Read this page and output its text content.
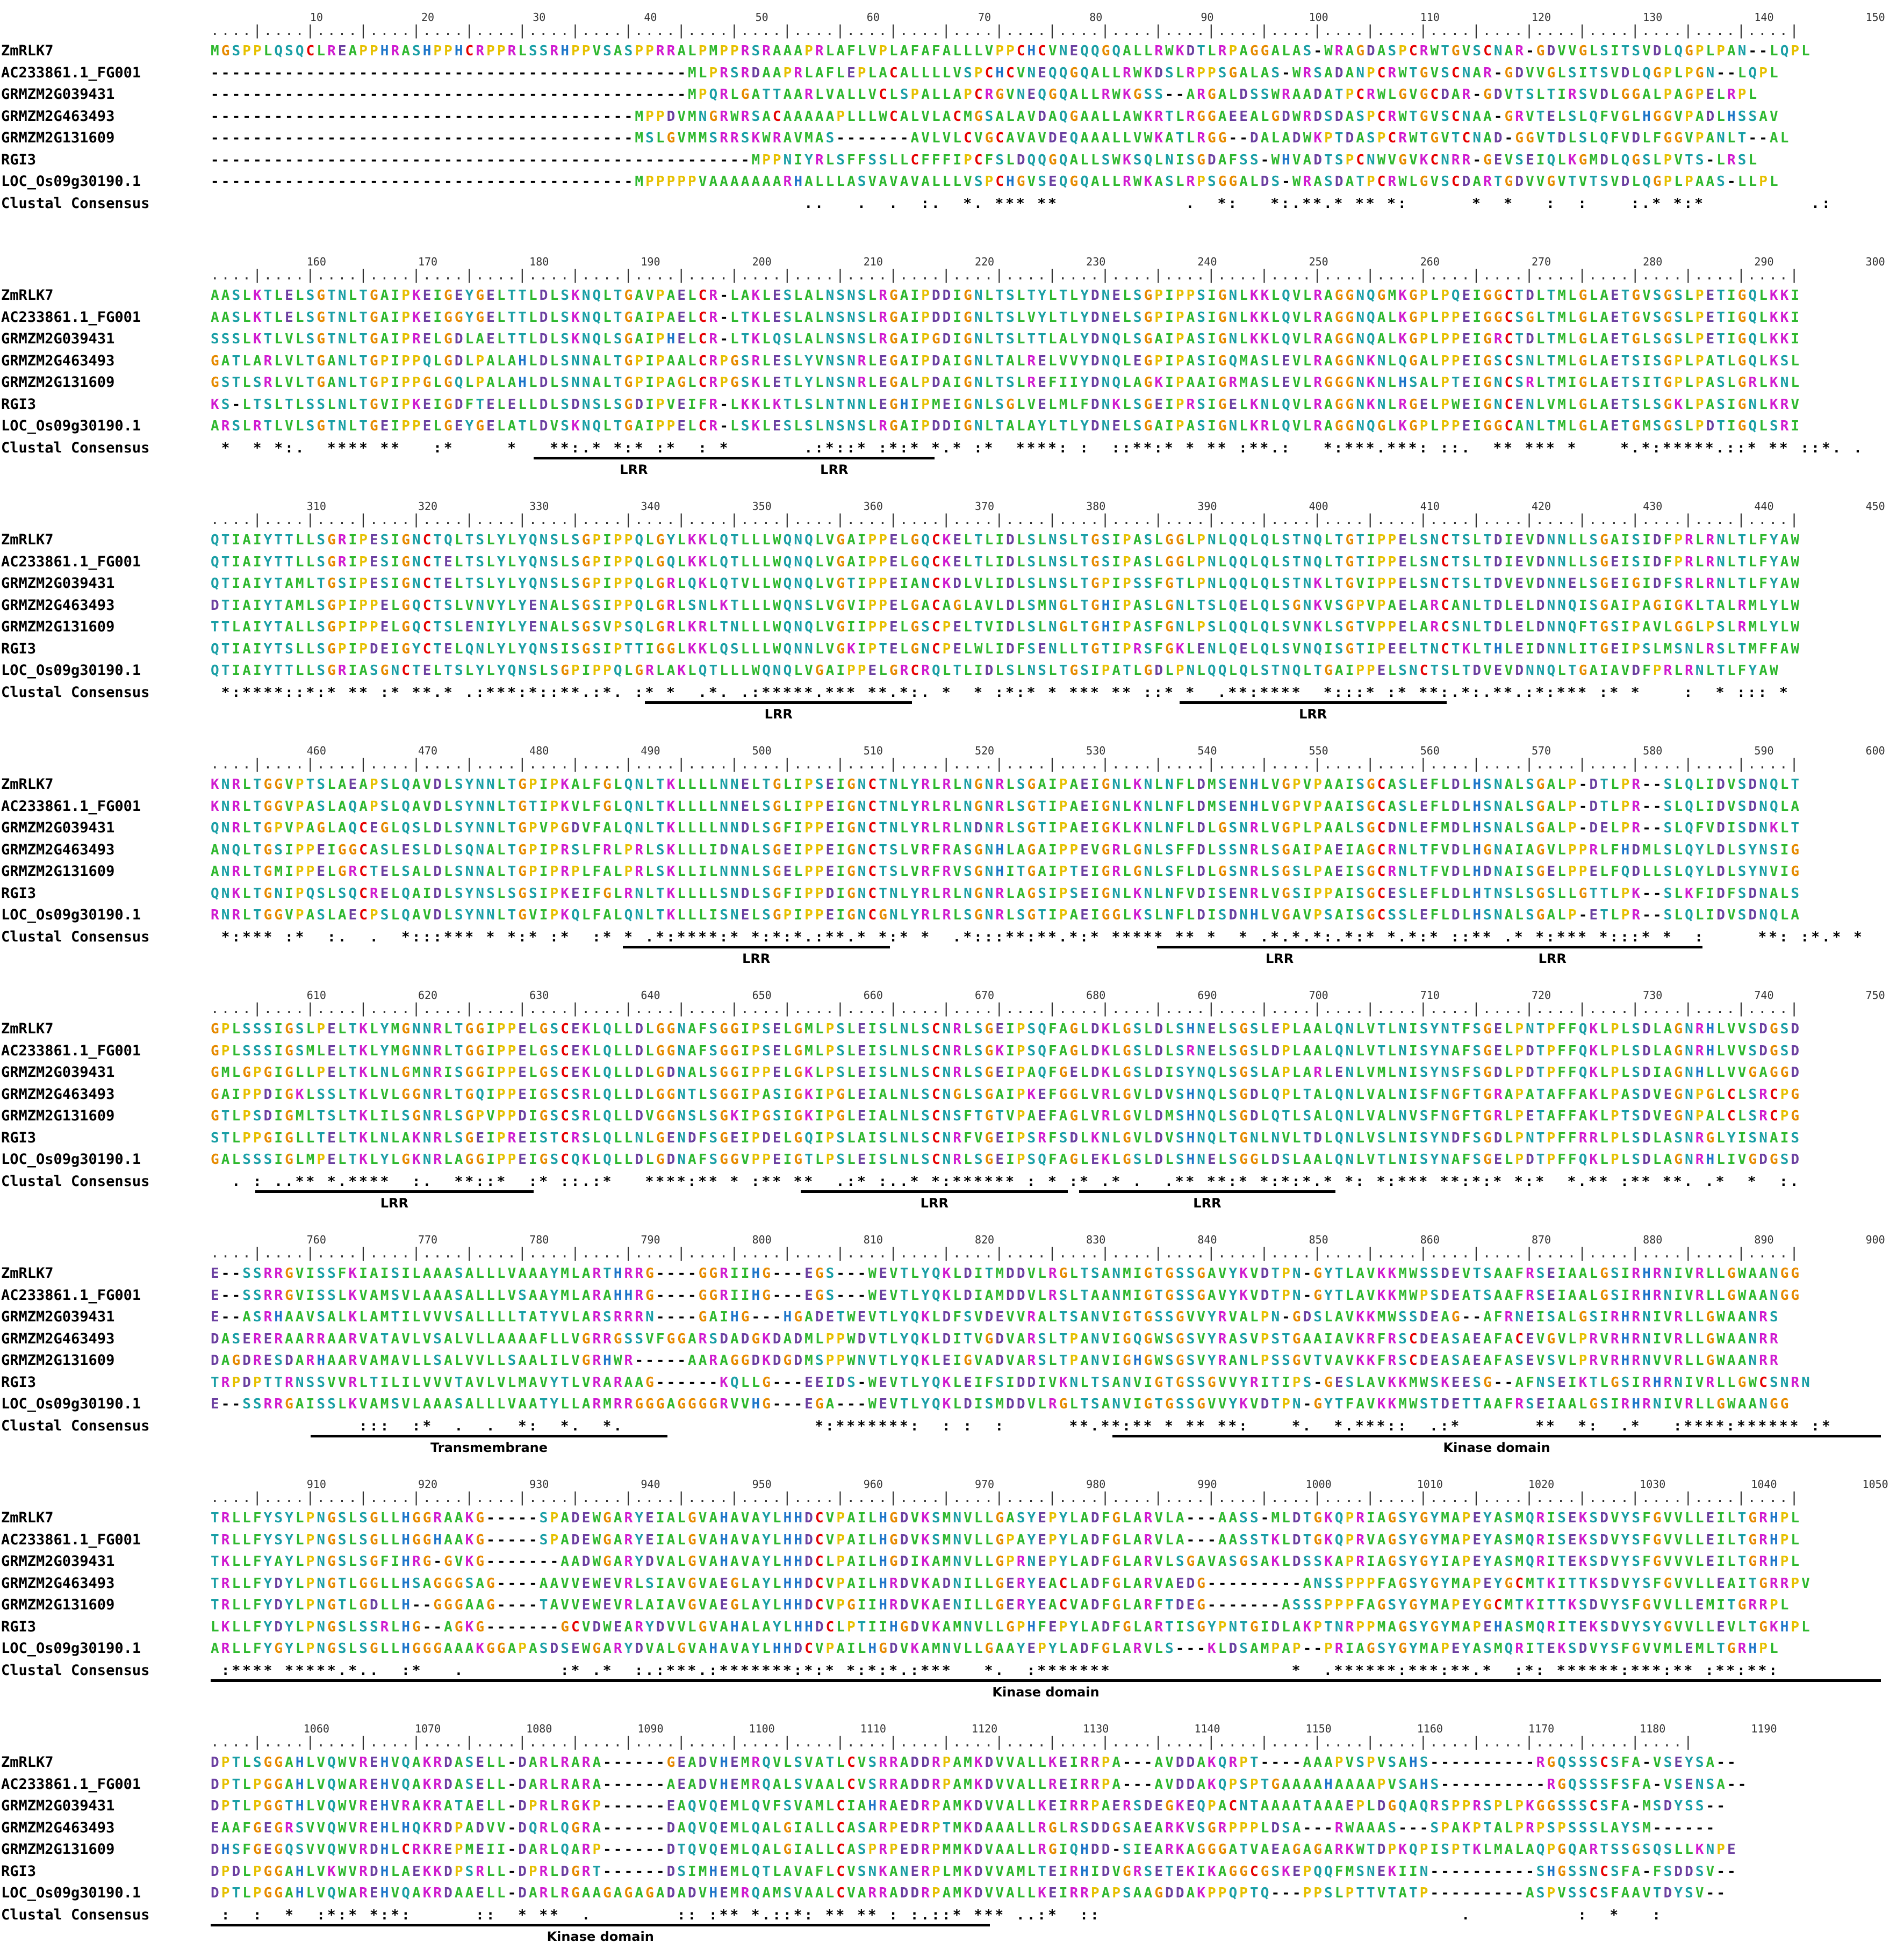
10	20	30	40	50	60	70	80	90	100	110	120	130	140	150
....|....|....|....|....|....|....|....|....|....|....|....|....|....|....|....|....|....|....|....|....|....|....|....|....|....|....|....|....|....|
ZmRLK7	MGSPPLQSQCLREAPPHRASHPPHCRPPRLSSRHPPVSASPPRRALPMPPRSRAAAPRLAFLVPLAFAFALLLVPPCHCVNEQQGQALLRWKDTLRPAGGALAS-WRAGDASPCRWTGVSCNAR-GDVVGLSITSVDLQGPLPAN--LQPL
AC233861.1_FG001	---------------------------------------------MLPRSRDAAPRLAFLEPLACALLLLVSPCHCVNEQQGQALLRWKDSLRPPSGALAS-WRSADANPCRWTGVSCNAR-GDVVGLSITSVDLQGPLPGN--LQPL
GRMZM2G039431	---------------------------------------------MPQRLGATTAARLVALLVCLSPALLAPCRGVNEQGQALLRWKGSS--ARGALDSSWRAADATPCRWLGVGCDAR-GDVTSLTIRSVDLGGALPAGPELRPL
GRMZM2G463493	----------------------------------------MPPDVMNGRWRSACAAAAAPLLLWCALVLACMGSALAVDAQGAALLAWKRTLRGGAEEALGDWRDSDASPCRWTGVSCNAA-GRVTELSLQFVGLHGGVPADLHSSAV
GRMZM2G131609	----------------------------------------MSLGVMMSRRSKWRAVMAS-------AVLVLCVGCAVAVDEQAAALLVWKATLRGG--DALADWKPTDASPCRWTGVTCNAD-GGVTDLSLQFVDLFGGVPANLT--AL
RGI3	---------------------------------------------------MPPNIYRLSFFSSLLCFFFIPCFSLDQQGQALLSWKSQLNISGDAFSS-WHVADTSPCNWVGVKCNRR-GEVSEIQLKGMDLQGSLPVTS-LRSL
LOC_Os09g30190.1	----------------------------------------MPPPPPVAAAAAAARHALLLASVAVAVALLLVSPCHGVSEQGQALLRWKASLRPSGGALDS-WRASDATPCRWLGVSCDARTGDVVGVTVTSVDLQGPLPAAS-LLPL
Clustal Consensus	..   .  .  :.  *. *** **            .  *:   *:.**.* ** *:      *  *   :  :    :.* *:*          .:
160	170	180	190	200	210	220	230	240	250	260	270	280	290	300
....|....|....|....|....|....|....|....|....|....|....|....|....|....|....|....|....|....|....|....|....|....|....|....|....|....|....|....|....|....|
ZmRLK7	AASLKTLELSGTNLTGAIPKEIGEYGELTTLDLSKNQLTGAVPAELCR-LAKLESLALNSNSLRGAIPDDIGNLTSLTYLTLYDNELSGPIPPSIGNLKKLQVLRAGGNQGMKGPLPQEIGGCTDLTMLGLAETGVSGSLPETIGQLKKI
AC233861.1_FG001	AASLKTLELSGTNLTGAIPKEIGGYGELTTLDLSKNQLTGAIPAELCR-LTKLESLALNSNSLRGAIPDDIGNLTSLVYLTLYDNELSGPIPASIGNLKKLQVLRAGGNQALKGPLPPEIGGCSGLTMLGLAETGVSGSLPETIGQLKKI
GRMZM2G039431	SSSLKTLVLSGTNLTGAIPRELGDLAELTTLDLSKNQLSGAIPHELCR-LTKLQSLALNSNSLRGAIPGDIGNLTSLTTLALYDNQLSGAIPASIGNLKKLQVLRAGGNQALKGPLPPEIGRCTDLTMLGLAETGLSGSLPETIGQLKKI
GRMZM2G463493	GATLARLVLTGANLTGPIPPQLGDLPALAHLDLSNNALTGPIPAALCRPGSRLESLYVNSNRLEGAIPDAIGNLTALRELVVYDNQLEGPIPASIGQMASLEVLRAGGNKNLQGALPPEIGSCSNLTMLGLAETSISGPLPATLGQLKSL
GRMZM2G131609	GSTLSRLVLTGANLTGPIPPGLGQLPALAHLDLSNNALTGPIPAGLCRPGSKLETLYLNSNRLEGALPDAIGNLTSLREFIIYDNQLAGKIPAAIGRMASLEVLRGGGNKNLHSALPTEIGNCSRLTMIGLAETSITGPLPASLGRLKNL
RGI3	KS-LTSLTLSSLNLTGVIPKEIGDFTELELLDLSDNSLSGDIPVEIFR-LKKLKTLSLNTNNLEGHIPMEIGNLSGLVELMLFDNKLSGEIPRSIGELKNLQVLRAGGNKNLRGELPWEIGNCENLVMLGLAETSLSGKLPASIGNLKRV
LOC_Os09g30190.1	ARSLRTLVLSGTNLTGEIPPELGEYGELATLDVSKNQLTGAIPPELCR-LSKLESLSLNSNSLRGAIPDDIGNLTALAYLTLYDNELSGAIPASIGNLKRLQVLRAGGNQGLKGPLPPEIGGCANLTMLGLAETGMSGSLPDTIGQLSRI
Clustal Consensus	*  * *:.  **** **   :*     *   **:.* *:* :*  : *       .:*::* :*:* *.* :*  ****: :  ::**:* * ** :**.:   *:***.***: ::.  ** *** *    *.*:*****.::* ** ::*. .
LRR	LRR
310	320	330	340	350	360	370	380	390	400	410	420	430	440	450
....|....|....|....|....|....|....|....|....|....|....|....|....|....|....|....|....|....|....|....|....|....|....|....|....|....|....|....|....|....|
ZmRLK7	QTIAIYTTLLSGRIPESIGNCTQLTSLYLYQNSLSGPIPPQLGYLKKLQTLLLWQNQLVGAIPPELGQCKELTLIDLSLNSLTGSIPASLGGLPNLQQLQLSTNQLTGTIPPELSNCTSLTDIEVDNNLLSGAISIDFPRLRNLTLFYAW
AC233861.1_FG001	QTIAIYTTLLSGRIPESIGNCTELTSLYLYQNSLSGPIPPQLGQLKKLQTLLLWQNQLVGAIPPELGQCKELTLIDLSLNSLTGSIPASLGGLPNLQQLQLSTNQLTGTIPPELSNCTSLTDIEVDNNLLSGEISIDFPRLRNLTLFYAW
GRMZM2G039431	QTIAIYTAMLTGSIPESIGNCTELTSLYLYQNSLSGPIPPQLGRLQKLQTVLLWQNQLVGTIPPEIANCKDLVLIDLSLNSLTGPIPSSFGTLPNLQQLQLSTNKLTGVIPPELSNCTSLTDVEVDNNELSGEIGIDFSRLRNLTLFYAW
GRMZM2G463493	DTIAIYTAMLSGPIPPELGQCTSLVNVYLYENALSGSIPPQLGRLSNLKTLLLWQNSLVGVIPPELGACAGLAVLDLSMNGLTGHIPASLGNLTSLQELQLSGNKVSGPVPAELARCANLTDLELDNNQISGAIPAGIGKLTALRMLYLW
GRMZM2G131609	TTLAIYTALLSGPIPPELGQCTSLENIYLYENALSGSVPSQLGRLKRLTNLLLWQNQLVGIIPPELGSCPELTVIDLSLNGLTGHIPASFGNLPSLQQLQLSVNKLSGTVPPELARCSNLTDLELDNNQFTGSIPAVLGGLPSLRMLYLW
RGI3	QTIAIYTSLLSGPIPDEIGYCTELQNLYLYQNSISGSIPTTIGGLKKLQSLLLWQNNLVGKIPTELGNCPELWLIDFSENLLTGTIPRSFGKLENLQELQLSVNQISGTIPEELTNCTKLTHLEIDNNLITGEIPSLMSNLRSLTMFFAW
LOC_Os09g30190.1	QTIAIYTTLLSGRIASGNCTELTSLYLYQNSLSGPIPPQLGRLAKLQTLLLWQNQLVGAIPPELGRCRQLTLIDLSLNSLTGSIPATLGDLPNLQQLQLSTNQLTGAIPPELSNCTSLTDVEVDNNQLTGAIAVDFPRLRNLTLFYAW
Clustal Consensus	*:****::*:* ** :* **.* .:***:*::**.:*. :* *  .*. .:*****.*** **.*:. *  * :*:* * *** ** ::* *  .**:****  *:::* :* **:.*:.**.:*:*** :* *    :  * ::: *
LRR	LRR
460	470	480	490	500	510	520	530	540	550	560	570	580	590	600
....|....|....|....|....|....|....|....|....|....|....|....|....|....|....|....|....|....|....|....|....|....|....|....|....|....|....|....|....|....|
ZmRLK7	KNRLTGGVPTSLAEAPSLQAVDLSYNNLTGPIPKALFGLQNLTKLLLLNNELTGLIPSEIGNCTNLYRLRLNGNRLSGAIPAEIGNLKNLNFLDMSENHLVGPVPAAISGCASLEFLDLHSNALSGALP-DTLPR--SLQLIDVSDNQLT
AC233861.1_FG001	KNRLTGGVPASLAQAPSLQAVDLSYNNLTGTIPKVLFGLQNLTKLLLLNNELSGLIPPEIGNCTNLYRLRLNGNRLSGTIPAEIGNLKNLNFLDMSENHLVGPVPAAISGCASLEFLDLHSNALSGALP-DTLPR--SLQLIDVSDNQLA
GRMZM2G039431	QNRLTGPVPAGLAQCEGLQSLDLSYNNLTGPVPGDVFALQNLTKLLLLNNDLSGFIPPEIGNCTNLYRLRLNDNRLSGTIPAEIGKLKNLNFLDLGSNRLVGPLPAALSGCDNLEFMDLHSNALSGALP-DELPR--SLQFVDISDNKLT
GRMZM2G463493	ANQLTGSIPPEIGGCASLESLDLSQNALTGPIPRSLFRLPRLSKLLLIDNALSGEIPPEIGNCTSLVRFRASGNHLAGAIPPEVGRLGNLSFFDLSSNRLSGAIPAEIAGCRNLTFVDLHGNAIAGVLPPRLFHDMLSLQYLDLSYNSIG
GRMZM2G131609	ANRLTGMIPPELGRCTELSALDLSNNALTGPIPRPLFALPRLSKLLILNNNLSGELPPEIGNCTSLVRFRVSGNHITGAIPTEIGRLGNLSFLDLGSNRLSGSLPAEISGCRNLTFVDLHDNAISGELPPELFQDLLSLQYLDLSYNVIG
RGI3	QNKLTGNIPQSLSQCRELQAIDLSYNSLSGSIPKEIFGLRNLTKLLLLSNDLSGFIPPDIGNCTNLYRLRLNGNRLAGSIPSEIGNLKNLNFVDISENRLVGSIPPAISGCESLEFLDLHTNSLSGSLLGTTLPK--SLKFIDFSDNALS
LOC_Os09g30190.1	RNRLTGGVPASLAECPSLQAVDLSYNNLTGVIPKQLFALQNLTKLLLISNELSGPIPPEIGNCGNLYRLRLSGNRLSGTIPAEIGGLKSLNFLDISDNHLVGAVPSAISGCSSLEFLDLHSNALSGALP-ETLPR--SLQLIDVSDNQLA
Clustal Consensus	*:*** :*  :.  .  *:::*** * *:* :*  :* * .*:****:* *:*:*.:**.* *:* *  .*:::**:**.*:* ***** ** *  * .*.*.*:.*:* *.*:* ::** .* *:*** *:::* *  :     **: :*.* *
LRR	LRR	LRR
610	620	630	640	650	660	670	680	690	700	710	720	730	740	750
....|....|....|....|....|....|....|....|....|....|....|....|....|....|....|....|....|....|....|....|....|....|....|....|....|....|....|....|....|....|
ZmRLK7	GPLSSSIGSLPELTKLYMGNNRLTGGIPPELGSCEKLQLLDLGGNAFSGGIPSELGMLPSLEISLNLSCNRLSGEIPSQFAGLDKLGSLDLSHNELSGSLEPLAALQNLVTLNISYNTFSGELPNTPFFQKLPLSDLAGNRHLVVSDGSD
AC233861.1_FG001	GPLSSSIGSMLELTKLYMGNNRLTGGIPPELGSCEKLQLLDLGGNAFSGGIPSELGMLPSLEISLNLSCNRLSGKIPSQFAGLDKLGSLDLSRNELSGSLDPLAALQNLVTLNISYNAFSGELPDTPFFQKLPLSDLAGNRHLVVSDGSD
GRMZM2G039431	GMLGPGIGLLPELTKLNLGMNRISGGIPPELGSCEKLQLLDLGDNALSGGIPPELGKLPSLEISLNLSCNRLSGEIPAQFGELDKLGSLDISYNQLSGSLAPLARLENLVMLNISYNSFSGDLPDTPFFQKLPLSDIAGNHLLVVGAGGD
GRMZM2G463493	GAIPPDIGKLSSLTKLVLGGNRLTGQIPPEIGSCSRLQLLDLGGNTLSGGIPASIGKIPGLEIALNLSCNGLSGAIPKEFGGLVRLGVLDVSHNQLSGDLQPLTALQNLVALNISFNGFTGRAPATAFFAKLPASDVEGNPGLCLSRCPG
GRMZM2G131609	GTLPSDIGMLTSLTKLILSGNRLSGPVPPDIGSCSRLQLLDVGGNSLSGKIPGSIGKIPGLEIALNLSCNSFTGTVPAEFAGLVRLGVLDMSHNQLSGDLQTLSALQNLVALNVSFNGFTGRLPETAFFAKLPTSDVEGNPALCLSRCPG
RGI3	STLPPGIGLLTELTKLNLAKNRLSGEIPREISTCRSLQLLNLGENDFSGEIPDELGQIPSLAISLNLSCNRFVGEIPSRFSDLKNLGVLDVSHNQLTGNLNVLTDLQNLVSLNISYNDFSGDLPNTPFFRRLPLSDLASNRGLYISNAIS
LOC_Os09g30190.1	GALSSSIGLMPELTKLYLGKNRLAGGIPPEIGSCQKLQLLDLGDNAFSGGVPPEIGTLPSLEISLNLSCNRLSGEIPSQFAGLEKLGSLDLSHNELSGGLDSLAALQNLVTLNISYNAFSGELPDTPFFQKLPLSDLAGNRHLIVGDGSD
Clustal Consensus	. : ..** *.****  :.  **::*  :* ::.:*   ****:** * :** **  .:* :..* *:****** : * :* .* .  .** **:* *:*:*.* *: *:*** **:*:* *:*  *.** :** **. .*  *  :.
LRR	LRR	LRR
760	770	780	790	800	810	820	830	840	850	860	870	880	890	900
....|....|....|....|....|....|....|....|....|....|....|....|....|....|....|....|....|....|....|....|....|....|....|....|....|....|....|....|....|....|
ZmRLK7	E--SSRRGVISSFKIAISILAAASALLLVAAAYMLARTHRRG----GGRIIHG---EGS---WEVTLYQKLDITMDDVLRGLTSANMIGTGSSGAVYKVDTPN-GYTLAVKKMWSSDEVTSAAFRSEIAALGSIRHRNIVRLLGWAANGG
AC233861.1_FG001	E--SSRRGVISSLKVAMSVLAAASALLLVSAAYMLARAHHRG----GGRIIHG---EGS---WEVTLYQKLDIAMDDVLRSLTAANMIGTGSSGAVYKVDTPN-GYTLAVKKMWPSDEATSAAFRSEIAALGSIRHRNIVRLLGWAANGG
GRMZM2G039431	E--ASRHAAVSALKLAMTILVVVSALLLLTATYVLARSRRRN----GAIHG---HGADETWEVTLYQKLDFSVDEVVRALTSANVIGTGSSGVVYRVALPN-GDSLAVKKMWSSDEAG--AFRNEISALGSIRHRNIVRLLGWAANRS
GRMZM2G463493	DASERERAARRAARVATAVLVSALVLLAAAAFLLVGRRGSSVFGGARSDADGKDADMLPPWDVTLYQKLDITVGDVARSLTPANVIGQGWSGSVYRASVPSTGAAIAVKRFRSCDEASAEAFACEVGVLPRVRHRNIVRLLGWAANRR
GRMZM2G131609	DAGDRESDARHAARVAMAVLLSALVVLLSAALILVGRHWR-----AARAGGDKDGDMSPPWNVTLYQKLEIGVADVARSLTPANVIGHGWSGSVYRANLPSSGVTVAVKKFRSCDEASAEAFASEVSVLPRVRHRNVVRLLGWAANRR
RGI3	TRPDPTTRNSSVVRLTILILVVVTAVLVLMAVYTLVRARAAG------KQLLG---EEIDS-WEVTLYQKLEIFSIDDIVKNLTSANVIGTGSSGVVYRITIPS-GESLAVKKMWSKEESG--AFNSEIKTLGSIRHRNIVRLLGWCSNRN
LOC_Os09g30190.1	E--SSRRGAISSLKVAMSVLAAASALLLVAATYLLARMRRGGGAGGGGRVVHG---EGA---WEVTLYQKLDISMDDVLRGLTSANVIGTGSSGVVYKVDTPN-GYTFAVKKMWSTDETTAAFRSEIAALGSIRHRNIVRLLGWAANGG
Clustal Consensus	:::  :*  .  .  *:  *.  *.                  *:*******:  : :  :      **.**:** * ** **:    *.  *.***::  .:*       **  *:  .*   :****:****** :*
Transmembrane	Kinase domain
910	920	930	940	950	960	970	980	990	1000	1010	1020	1030	1040	1050
....|....|....|....|....|....|....|....|....|....|....|....|....|....|....|....|....|....|....|....|....|....|....|....|....|....|....|....|....|....|
ZmRLK7	TRLLFYSYLPNGSLSGLLHGGRAAKG-----SPADEWGARYEIALGVAHAVAYLHHDCVPAILHGDVKSMNVLLGASYEPYLADFGLARVLA---AASS-MLDTGKQPRIAGSYGYMAPEYASMQRISEKSDVYSFGVVLLEILTGRHPL
AC233861.1_FG001	TRLLFYSYLPNGSLSGLLHGGHAAKG-----SPADEWGARYEIALGVAHAVAYLHHDCVPAILHGDVKSMNVLLGPAYEPYLADFGLARVLA---AASSTKLDTGKQPRVAGSYGYMAPEYASMQRISEKSDVYSFGVVLLEILTGRHPL
GRMZM2G039431	TKLLFYAYLPNGSLSGFIHRG-GVKG-------AADWGARYDVALGVAHAVAYLHHDCLPAILHGDIKAMNVLLGPRNEPYLADFGLARVLSGAVASGSAKLDSSKAPRIAGSYGYIAPEYASMQRITEKSDVYSFGVVVLEILTGRHPL
GRMZM2G463493	TRLLFYDYLPNGTLGGLLHSAGGGSAG----AAVVEWEVRLSIAVGVAEGLAYLHHDCVPAILHRDVKADNILLGERYEACLADFGLARVAEDG---------ANSSPPPFAGSYGYMAPEYGCMTKITTKSDVYSFGVVLLEAITGRRPV
GRMZM2G131609	TRLLFYDYLPNGTLGDLLH--GGGAAG----TAVVEWEVRLAIAVGVAEGLAYLHHDCVPGIIHRDVKAENILLGERYEACVADFGLARFTDEG-------ASSSPPPFAGSYGYMAPEYGCMTKITTKSDVYSFGVVLLEMITGRRPL
RGI3	LKLLFYDYLPNGSLSSRLHG--AGKG-------GCVDWEARYDVVLGVAHALAYLHHDCLPTIIHGDVKAMNVLLGPHFEPYLADFGLARTISGYPNTGIDLAKPTNRPPMAGSYGYMAPEHASMQRITEKSDVYSYGVVLLEVLTGKHPL
LOC_Os09g30190.1	ARLLFYGYLPNGSLSGLLHGGGAAAKGGAPASDSEWGARYDVALGVAHAVAYLHHDCVPAILHGDVKAMNVLLGAAYEPYLADFGLARVLS---KLDSAMPAP--PRIAGSYGYMAPEYASMQRITEKSDVYSFGVVMLEMLTGRHPL
Clustal Consensus	:**** *****.*..  :*   .         :* .*  :.:***.:*******:*:* *:*:*.:***   *.  :*******                 *  .******:***:**.*  :*: ******:***:** :**:**:
Kinase domain
1060	1070	1080	1090	1100	1110	1120	1130	1140	1150	1160	1170	1180	1190
....|....|....|....|....|....|....|....|....|....|....|....|....|....|....|....|....|....|....|....|....|....|....|....|....|....|....|....|
ZmRLK7	DPTLSGGAHLVQWVREHVQAKRDASELL-DARLRARA------GEADVHEMRQVLSVATLCVSRRADDRPAMKDVVALLKEIRRPA---AVDDAKQRPT----AAAPVSPVSAHS----------RGQSSSCSFA-VSEYSA--
AC233861.1_FG001	DPTLPGGAHLVQWAREHVQAKRDASELL-DARLRARA------AEADVHEMRQALSVAALCVSRRADDRPAMKDVVALLREIRRPA---AVDDAKQPSPTGAAAAHAAAAPVSAHS----------RGQSSSFSFA-VSENSA--
GRMZM2G039431	DPTLPGGTHLVQWVREHVRAKRATAELL-DPRLRGKP------EAQVQEMLQVFSVAMLCIAHRAEDRPAMKDVVALLKEIRRPAERSDEGKEQPACNTAAAATAAAEPLDGQAQRSPPRSPLPKGGSSSCSFA-MSDYSS--
GRMZM2G463493	EAAFGEGRSVVQWVREHLHQKRDPADVV-DQRLQGRA------DAQVQEMLQALGIALLCASARPEDRPTMKDAAALLRGLRSDDGSAEARKVSGRPPPLDSA---RWAAAS---SPAKPTALPRPSPSSSLAYSM------
GRMZM2G131609	DHSFGEGQSVVQWVRDHLCRKREPMEII-DARLQARP------DTQVQEMLQALGIALLCASPRPEDRPMMKDVAALLRGIQHDD-SIEARKAGGGATVAEAGAGARKWTDPKQPISPTKLMALAQPGQARTSSGSQSLLKNPE
RGI3	DPDLPGGAHLVKWVRDHLAEKKDPSRLL-DPRLDGRT------DSIMHEMLQTLAVAFLCVSNKANERPLMKDVVAMLTEIRHIDVGRSETEKIKAGGCGSKEPQQFMSNEKIIN----------SHGSSNCSFA-FSDDSV--
LOC_Os09g30190.1	DPTLPGGAHLVQWAREHVQAKRDAAELL-DARLRGAAGAGAGADADVHEMRQAMSVAALCVARRADDRPAMKDVVALLKEIRRPAPSAAGDDAKPPQPTQ---PPSLPTTVTATP---------ASPVSSCSFAAVTDYSV--
Clustal Consensus	:  :  *  :*:* *:*:      ::  * **  .        :: :** *.::*: ** ** : :.::* *** ..:*  ::                                  .          :  *   :
Kinase domain
